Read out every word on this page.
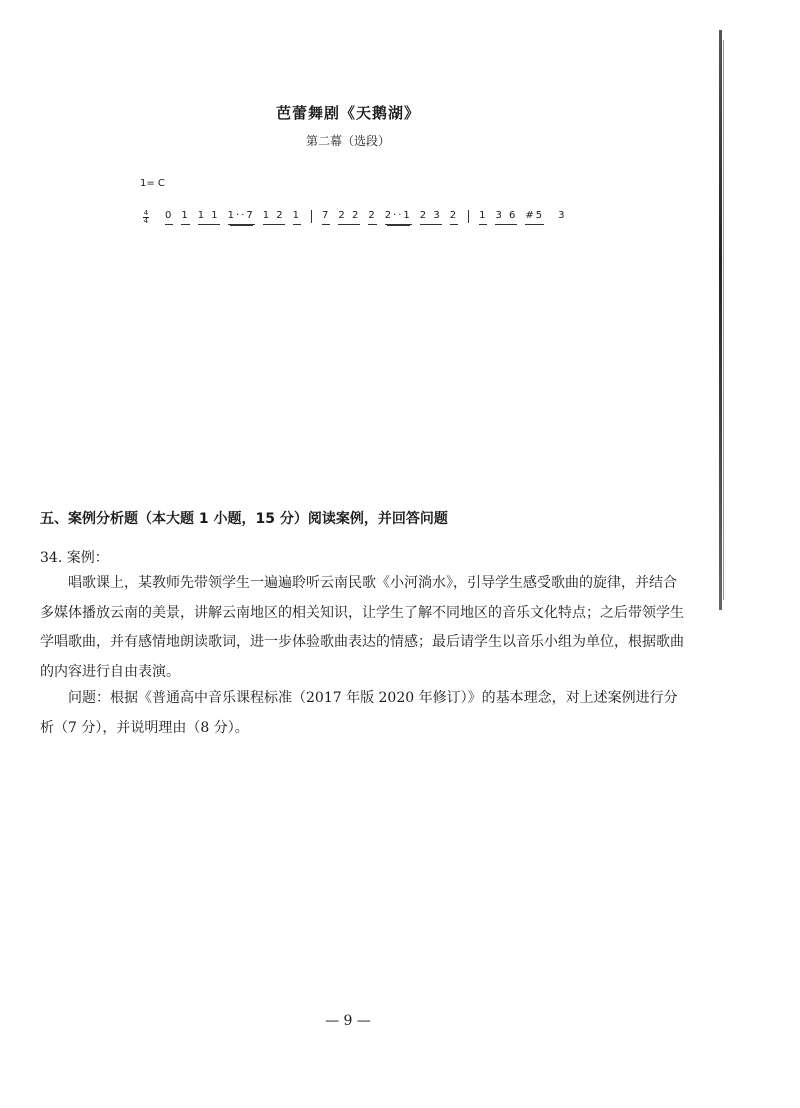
芭蕾舞剧《天鹅湖》
第二幕（选段）
1= C
4
4 0 1 1 1 1··7 1 2 1 7 2 2 2 2··1 2 3 2 1 3 6 #5 3
五、案例分析题（本大题 1 小题，15 分）阅读案例，并回答问题
34. 案例：

唱歌课上，某教师先带领学生一遍遍聆听云南民歌《小河淌水》，引导学生感受歌曲的旋律，并结合多媒体播放云南的美景，讲解云南地区的相关知识，让学生了解不同地区的音乐文化特点；之后带领学生学唱歌曲，并有感情地朗读歌词，进一步体验歌曲表达的情感；最后请学生以音乐小组为单位，根据歌曲的内容进行自由表演。

问题：根据《普通高中音乐课程标准（2017 年版 2020 年修订）》的基本理念，对上述案例进行分析（7 分），并说明理由（8 分）。

— 9 —
